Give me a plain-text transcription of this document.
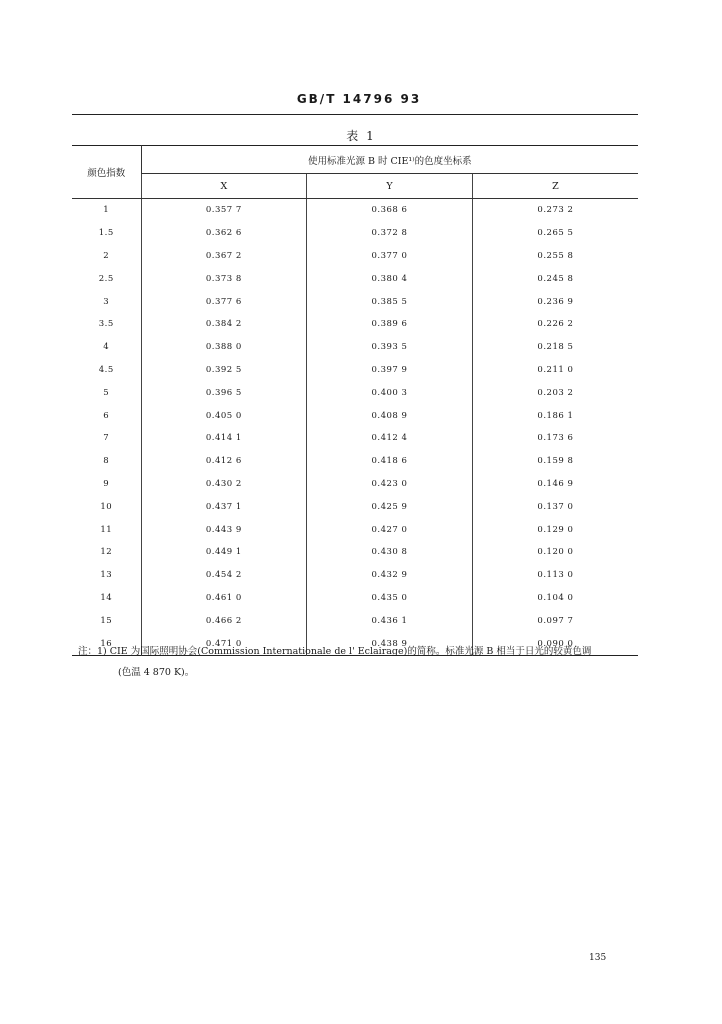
GB/T 14796 93
表 1
颜色指数	使用标准光源 B 时 CIE¹⁾的色度坐标系		
	X	Y	Z
1	0.357 7	0.368 6	0.273 2
1.5	0.362 6	0.372 8	0.265 5
2	0.367 2	0.377 0	0.255 8
2.5	0.373 8	0.380 4	0.245 8
3	0.377 6	0.385 5	0.236 9
3.5	0.384 2	0.389 6	0.226 2
4	0.388 0	0.393 5	0.218 5
4.5	0.392 5	0.397 9	0.211 0
5	0.396 5	0.400 3	0.203 2
6	0.405 0	0.408 9	0.186 1
7	0.414 1	0.412 4	0.173 6
8	0.412 6	0.418 6	0.159 8
9	0.430 2	0.423 0	0.146 9
10	0.437 1	0.425 9	0.137 0
11	0.443 9	0.427 0	0.129 0
12	0.449 1	0.430 8	0.120 0
13	0.454 2	0.432 9	0.113 0
14	0.461 0	0.435 0	0.104 0
15	0.466 2	0.436 1	0.097 7
16	0.471 0	0.438 9	0.090 0
注：1) CIE 为国际照明协会(Commission Internationale de l' Eclairage)的简称。标准光源 B 相当于日光的较黄色调
(色温 4 870 K)。
135
